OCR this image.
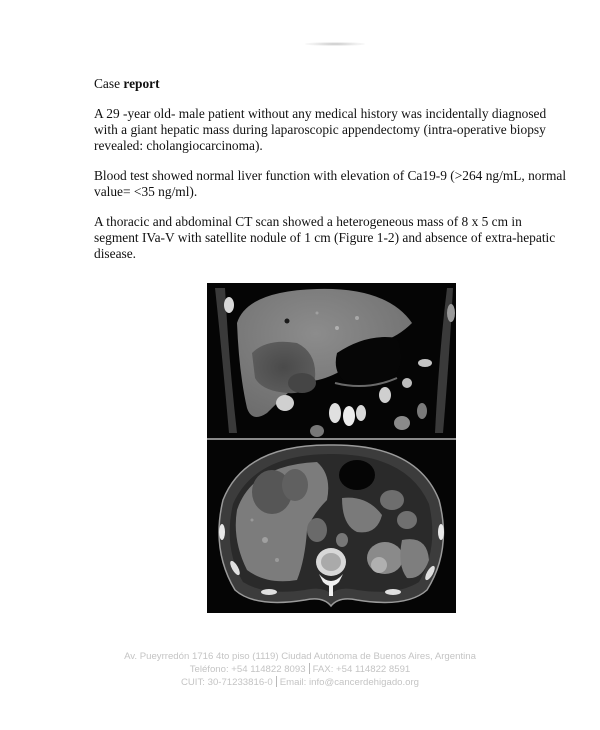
Case report

A 29 -year old- male patient without any medical history was incidentally diagnosed with a giant hepatic mass during laparoscopic appendectomy (intra-operative biopsy revealed: cholangiocarcinoma).

Blood test showed normal liver function with elevation of Ca19-9 (>264 ng/mL, normal value= <35 ng/ml).

A thoracic and abdominal CT scan showed a heterogeneous mass of 8 x 5 cm in segment IVa-V with satellite nodule of 1 cm (Figure 1-2) and absence of extra-hepatic disease.

Av. Pueyrredón 1716 4to piso (1119) Ciudad Autónoma de Buenos Aires, Argentina
Teléfono: +54 114822 8093 FAX: +54 114822 8591
CUIT: 30-71233816-0 Email: info@cancerdehigado.org
